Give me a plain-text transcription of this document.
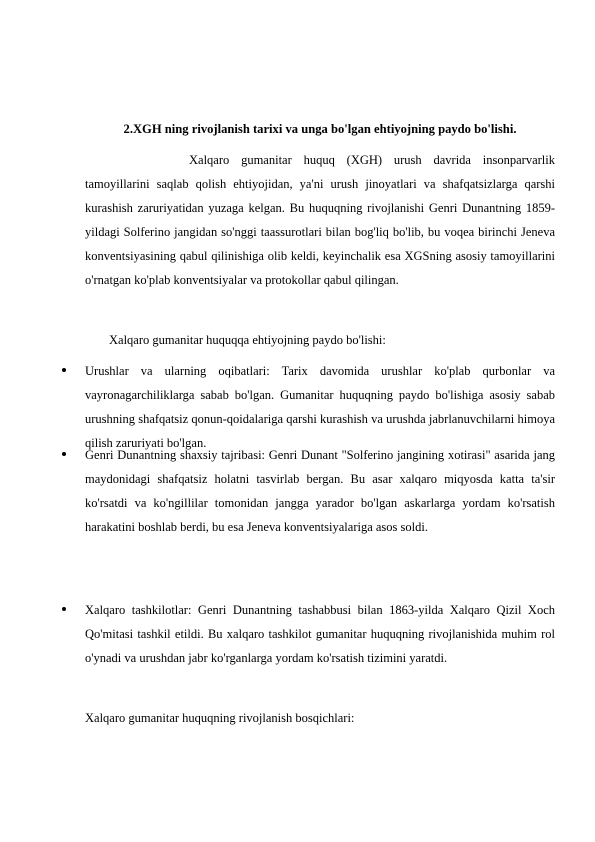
2.XGH ning rivojlanish tarixi va unga bo'lgan ehtiyojning paydo bo'lishi.

Xalqaro gumanitar huquq (XGH) urush davrida insonparvarlik tamoyillarini saqlab qolish ehtiyojidan, ya'ni urush jinoyatlari va shafqatsizlarga qarshi kurashish zaruriyatidan yuzaga kelgan. Bu huquqning rivojlanishi Genri Dunantning 1859-yildagi Solferino jangidan so'nggi taassurotlari bilan bog'liq bo'lib, bu voqea birinchi Jeneva konventsiyasining qabul qilinishiga olib keldi, keyinchalik esa XGSning asosiy tamoyillarini o'rnatgan ko'plab konventsiyalar va protokollar qabul qilingan.

Xalqaro gumanitar huquqqa ehtiyojning paydo bo'lishi:
Urushlar va ularning oqibatlari: Tarix davomida urushlar ko'plab qurbonlar va vayronagarchiliklarga sabab bo'lgan. Gumanitar huquqning paydo bo'lishiga asosiy sabab urushning shafqatsiz qonun-qoidalariga qarshi kurashish va urushda jabrlanuvchilarni himoya qilish zaruriyati bo'lgan.
Genri Dunantning shaxsiy tajribasi: Genri Dunant "Solferino jangining xotirasi" asarida jang maydonidagi shafqatsiz holatni tasvirlab bergan. Bu asar xalqaro miqyosda katta ta'sir ko'rsatdi va ko'ngillilar tomonidan jangga yarador bo'lgan askarlarga yordam ko'rsatish harakatini boshlab berdi, bu esa Jeneva konventsiyalariga asos soldi.
Xalqaro tashkilotlar: Genri Dunantning tashabbusi bilan 1863-yilda Xalqaro Qizil Xoch Qo'mitasi tashkil etildi. Bu xalqaro tashkilot gumanitar huquqning rivojlanishida muhim rol o'ynadi va urushdan jabr ko'rganlarga yordam ko'rsatish tizimini yaratdi.
Xalqaro gumanitar huquqning rivojlanish bosqichlari:
